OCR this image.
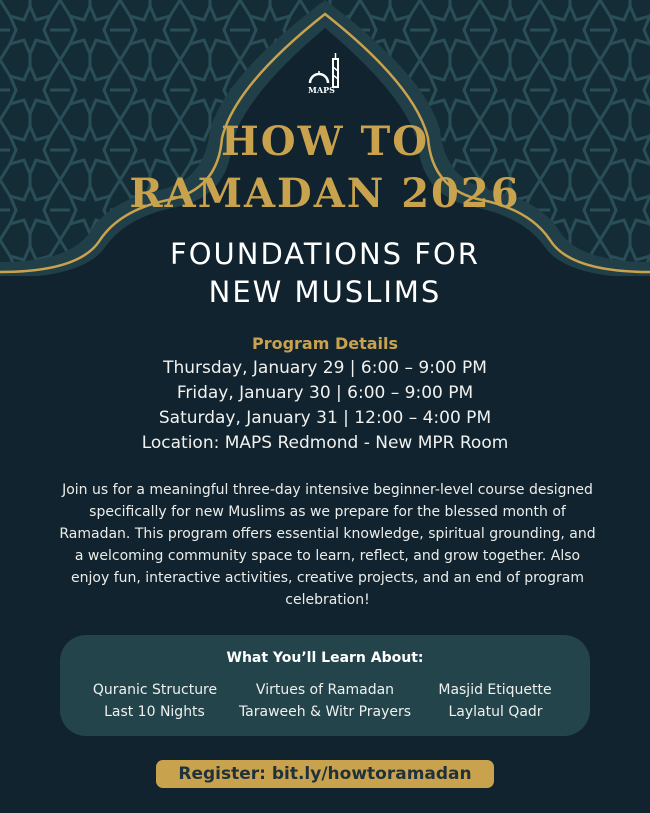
MAPS
HOW TO
RAMADAN 2026
FOUNDATIONS FOR
NEW MUSLIMS
Program Details
Thursday, January 29 | 6:00 – 9:00 PM
Friday, January 30 | 6:00 – 9:00 PM
Saturday, January 31 | 12:00 – 4:00 PM
Location: MAPS Redmond - New MPR Room
Join us for a meaningful three-day intensive beginner-level course designed specifically for new Muslims as we prepare for the blessed month of Ramadan. This program offers essential knowledge, spiritual grounding, and a welcoming community space to learn, reflect, and grow together. Also enjoy fun, interactive activities, creative projects, and an end of program celebration!
What You’ll Learn About:
Quranic Structure	Virtues of Ramadan	Masjid Etiquette
Last 10 Nights	Taraweeh & Witr Prayers	Laylatul Qadr
Register: bit.ly/howtoramadan
